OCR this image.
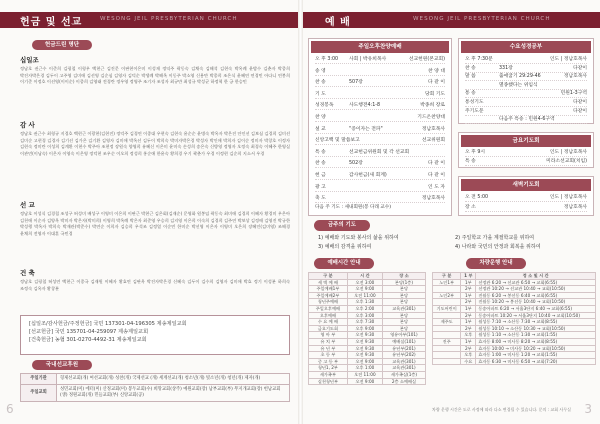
헌금 및 선교	WESONG JEIL PRESBYTERIAN CHURCH
헌금드린 명단
십일조

정남호 권근수 이준희 김평철 이형우 백현근 김진문 이판현이은미 이성재 정익주 곽동숙 김채숙 김해석 김현숙 박옥례 윤밤수 김춘자 박종희 박진자박은경 김두이 고주영 김미애 김선영 김순심 김영자 김덕순 박생례 박해옥 이동주 박소영 신용만 박종희 조은식 윤혜연 연경민 아다니 연봉희 이기준 이정호 이선영(이이순) 이종희 김영태 전경란 정우영 정영주 조기자 조성자 최규만 최성규 박성균 하정혁 한 궁 한승민

감 사

정남호 권근수 최형규 지경호 백현근 이광현(김현진) 정덕주 김경연 이종대 우현숙 김현숙 윤순순 윤병숙 박옥자 박은진 안인선 김보심 김경희 김미선 김미순 고현경 김경자 김기선 김가은 김기환 김영자 김미애 박옥선 김두이 박희숙 박미자박은경 박성자 박인애 박희자 김이순 정미자 박창호 이정자 김현숙 정미란 이성희 김계환 이현수 박주아 조현정 장원숙 양영희 유혜신 이은미 윤미숙 손성희 송은숙 신방영 정영자 오정숙 최경숙 이혜주 한영실 이관민(이남숙) 이은자 이영숙 이은영 정덕현 조우순 이오희 정성희 홍순애 한윤숙 황희경 우기 곽춘가 우경 이정현 김순희 지소서 우경

선 교

정남호 이성식 김경철 조성구 허성미 배성구 이영미 이은희 이판근 박현근 김은회(김재순) 문영화 원봉임 곽동숙 최미애 김경희 이혜자 황경미 우은아 김천애 이순자 김양옥 박미자 박은자(박미희) 이영희 박옥례 박은자 최준영 우승희 김지영 이은희 이숙희 김경희 김주연 박보상 김정애 김영진 박규한 박성행 박옥자 박희숙 박재관(박준수) 박연순 이희자 김승희 우석조 김정열 이순민 한미순 박선영 이은자 이영미 오은희 장혜인(김미영) 조해경 윤채희 전영자 이대훈 국민경

건 축

정남호 김평철 허성연 백현근 이종국 김재원 이혜자 황효연 김판옥 박진자박은경 신혜숙 김두이 김수희 김영자 김미애 박효 정기 이성분 하희숙 조정숙 김옥자 황창분

[십일조/감사헌금/주정헌금] 국민 137301-04-196305 제송제일교회
[선교헌금] 국민 135701-04-259097 제송제일교회
[건축헌금] 농협 301-0270-4492-31 제송제일교회
국내선교후원
주일기관	형제선교회(개) 여선교회(개) 성찬(개) 국제선교 (개) 세계선교(개) 청소년(개) 빛소년(개) 청년(개) 제자(개)
주일교회	성민교회(미) 에터(미) 산정교회(미) 봉두교회(수) 희망교회(상주) 예원교회(장) 남부교회(부) 무지개교회(장) 헌남교회(생) 정원교회(개) 민들교회(부) 신앙교회(공)
6
예 배	WESONG JEIL PRESBYTERIAN CHURCH
주일오후찬양예배
오 후 3:00 사회 | 박유희목사	선교헌원(본교회)
송 영	찬 양 대
찬 송	507장	다 같 이
기 도	당회 기도
성경봉독	사도행전4:1-8	박종희 장로
찬 양	기드온찬양대
설 교	"증이자는 전파"	정남호목사
신앙고백 및 말씀보고	선교위원회
특 송	선교헌금위원회 및 각 선교회
찬 송	502장	다 같 이
헌 금	감사헌금(새 회계)	다 같 이
광 고	인 도 자
축 도	정남호목사
다음 주 기도 : 새내회원(봉 다래 교수)
수요성경공부
오 후 7:30분	인도 | 정남호목사
찬 송	331장	다같이
말 씀	출애굽기 29:29-46	정남호목사
멸종했다는 위임식
통 송	민원1-3구역
통성기도	다같이
주기도문	다같이
다음주 특송 : 민원4-6구역
금요기도회
오 후 9시	인도 | 정남호목사
특 송	미라소선교회(치임)
새벽기도회
오 전 5:00	인도 | 정남호목사
장 소	정남호목사
금주의 기도
1) 예배와 기도와 봉사의 삶을 위하여	2) 주일학교 가을 계절학교를 위하여
3) 예배의 감격을 위하여	4) 나라와 국민의 안정과 회복을 위하여
예배시간 안내
구 분	시 간	장 소
세 벽 예 배	오전 3:00	본당(1층)
주일예배1부	오전 9:00	본당
주일예배2부	오전 11:00	본당
청년주예배	오후 1:30	본당
주일오후예배	오후 2:00	교육관(301)
오후예배	오후 3:00	본당
수 요 예 배	오후 7:30	본당
금요기도회	오후 9:00	본당
영 아 부	오전 9:30	영유아부(101)
유 치 부	오전 9:30	예배실(101)
유 년 부	오전 9:30	유년부(201)
초 등 부	오전 9:30	유년부(202)
중 고 등 부	오전 9:00	교육관(301)
청년1, 2부	오후 1:00	교육관(301)
새가족부	오전 11:00	새가족실(1층)
실천청년부	오전 9:00	2층 소예배실
차량운행 안내
구 분	1 부	정 소 및 시 간
노인1부	1부	선정관 6:20 → 선교관 6:50 → 교회(6:55)
	2부	선정관 10:20 → 선교관 10:40 → 교회(10:50)
노인2부	1부	진월동 6:20 → 봉선동 6:40 → 교회(6:55)
	2부	진월동 10:20 → 봉선동 10:40 → 교회(10:50)
기도어린이	1부	동송아파트 6:20 → 서울3단지 6:40 → 교회(6:55)
	2부	동송아파트 10:20 → 서울3단지 10:40 → 교회(10:50)
제주도	1부	월성동 7:10 → 소산동 7:30 → 교회(8:55)
	2부	월성동 10:10 → 소산동 10:30 → 교회(10:50)
	오후	월성동 1:10 → 소산동 1:30 → 교회(1:55)
진주	1부	효자동 8:00 → 미사동 8:20 → 교회(8:55)
	2부	효자동 10:00 → 미사동 10:20 → 교회(10:50)
	오후	효자동 1:00 → 미사동 1:20 → 교회(1:55)
	수요	효자동 6:30 → 미사동 6:50 → 교회(7:20)
차량 운행 시간은 도로 사정에 따라 다소 변경될 수 있습니다. 문의 : 교회 사무실	3
